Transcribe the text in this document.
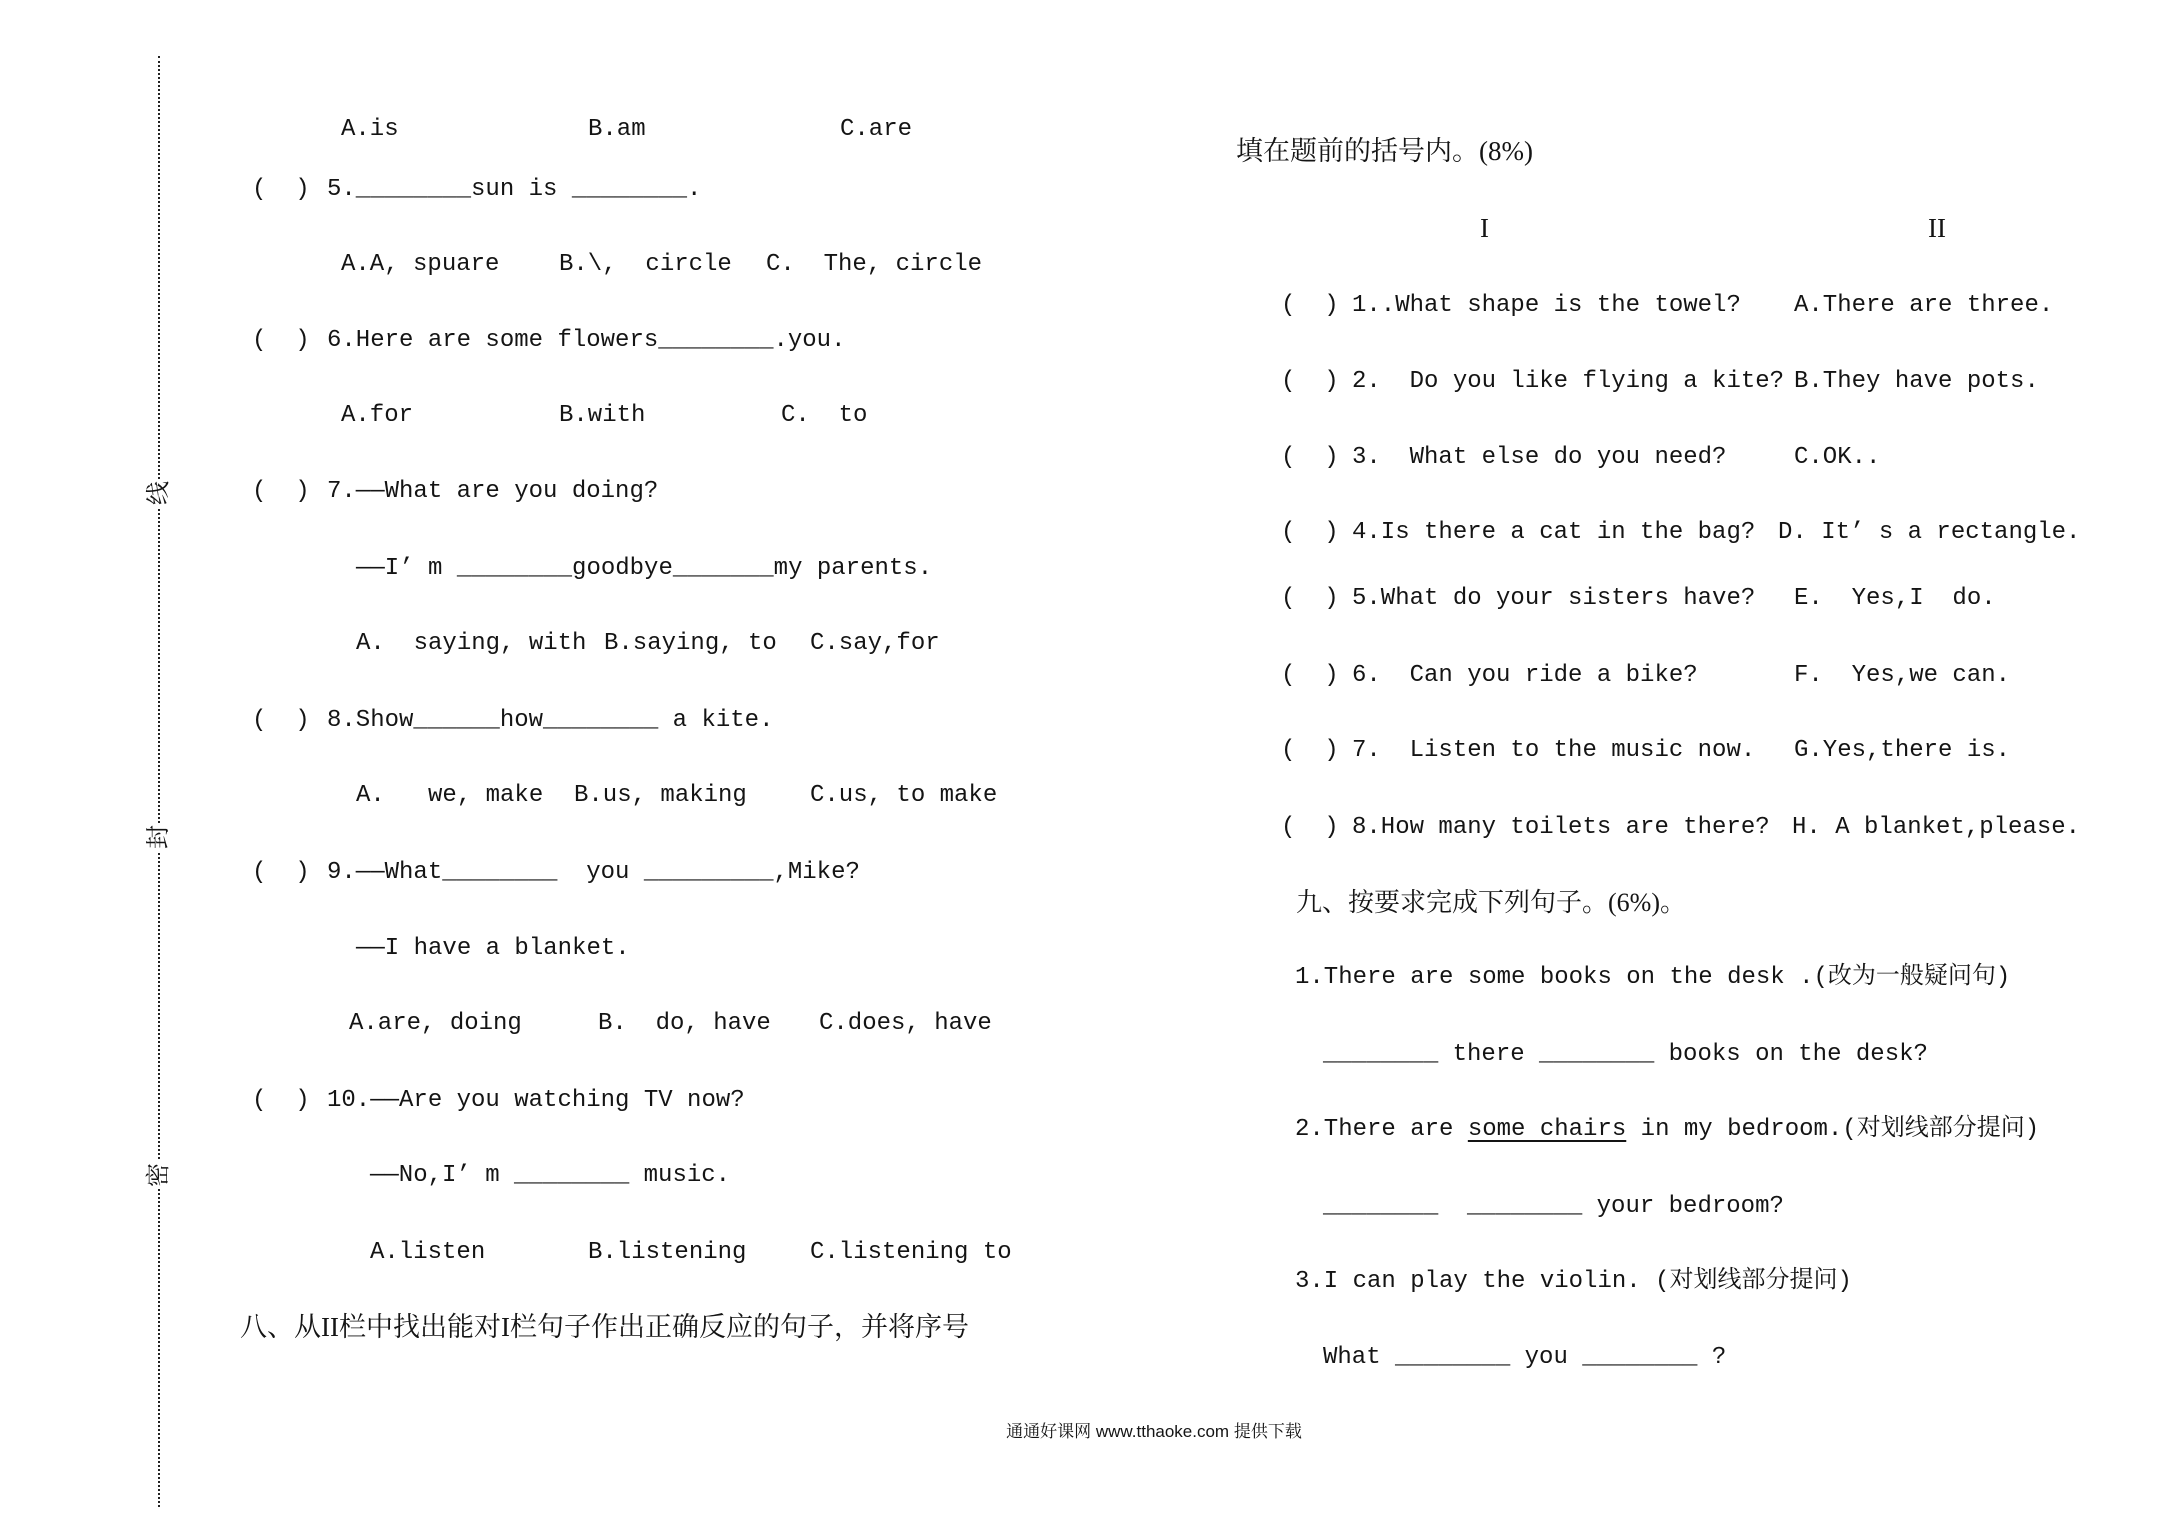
线
封
密
A.is	B.am	C.are
(  ) 5.________sun is ________.
A.A, spuare B.\,  circle C.  The, circle
(  ) 6.Here are some flowers________.you.
A.for	B.with	C.  to
(  ) 7.——What are you doing?
——I’ m ________goodbye_______my parents.
A.  saying, with B.saying, to C.say,for
(  ) 8.Show______how________ a kite.
A.   we, make B.us, making	C.us, to make
(  ) 9.——What________  you _________,Mike?
——I have a blanket.
A.are, doing	B.  do, have C.does, have
(  ) 10.——Are you watching TV now?
——No,I’ m ________ music.
A.listen	B.listening	C.listening to
八、从II栏中找出能对I栏句子作出正确反应的句子，并将序号
填在题前的括号内。(8%)
I	II
(  ) 1..What shape is the towel? A.There are three.
(  ) 2.  Do you like flying a kite? B.They have pots.
(  ) 3.  What else do you need?	C.OK..
(  ) 4.Is there a cat in the bag? D. It’ s a rectangle.
(  ) 5.What do your sisters have? E.  Yes,I  do.
(  ) 6.  Can you ride a bike?	F.  Yes,we can.
(  ) 7.  Listen to the music now. G.Yes,there is.
(  ) 8.How many toilets are there? H. A blanket,please.
九、按要求完成下列句子。(6%)。
1.There are some books on the desk .(改为一般疑问句)
________ there ________ books on the desk?
2.There are some chairs in my bedroom.(对划线部分提问)
________  ________ your bedroom?
3.I can play the violin. (对划线部分提问)
What ________ you ________ ?
通通好课网 www.tthaoke.com 提供下载
